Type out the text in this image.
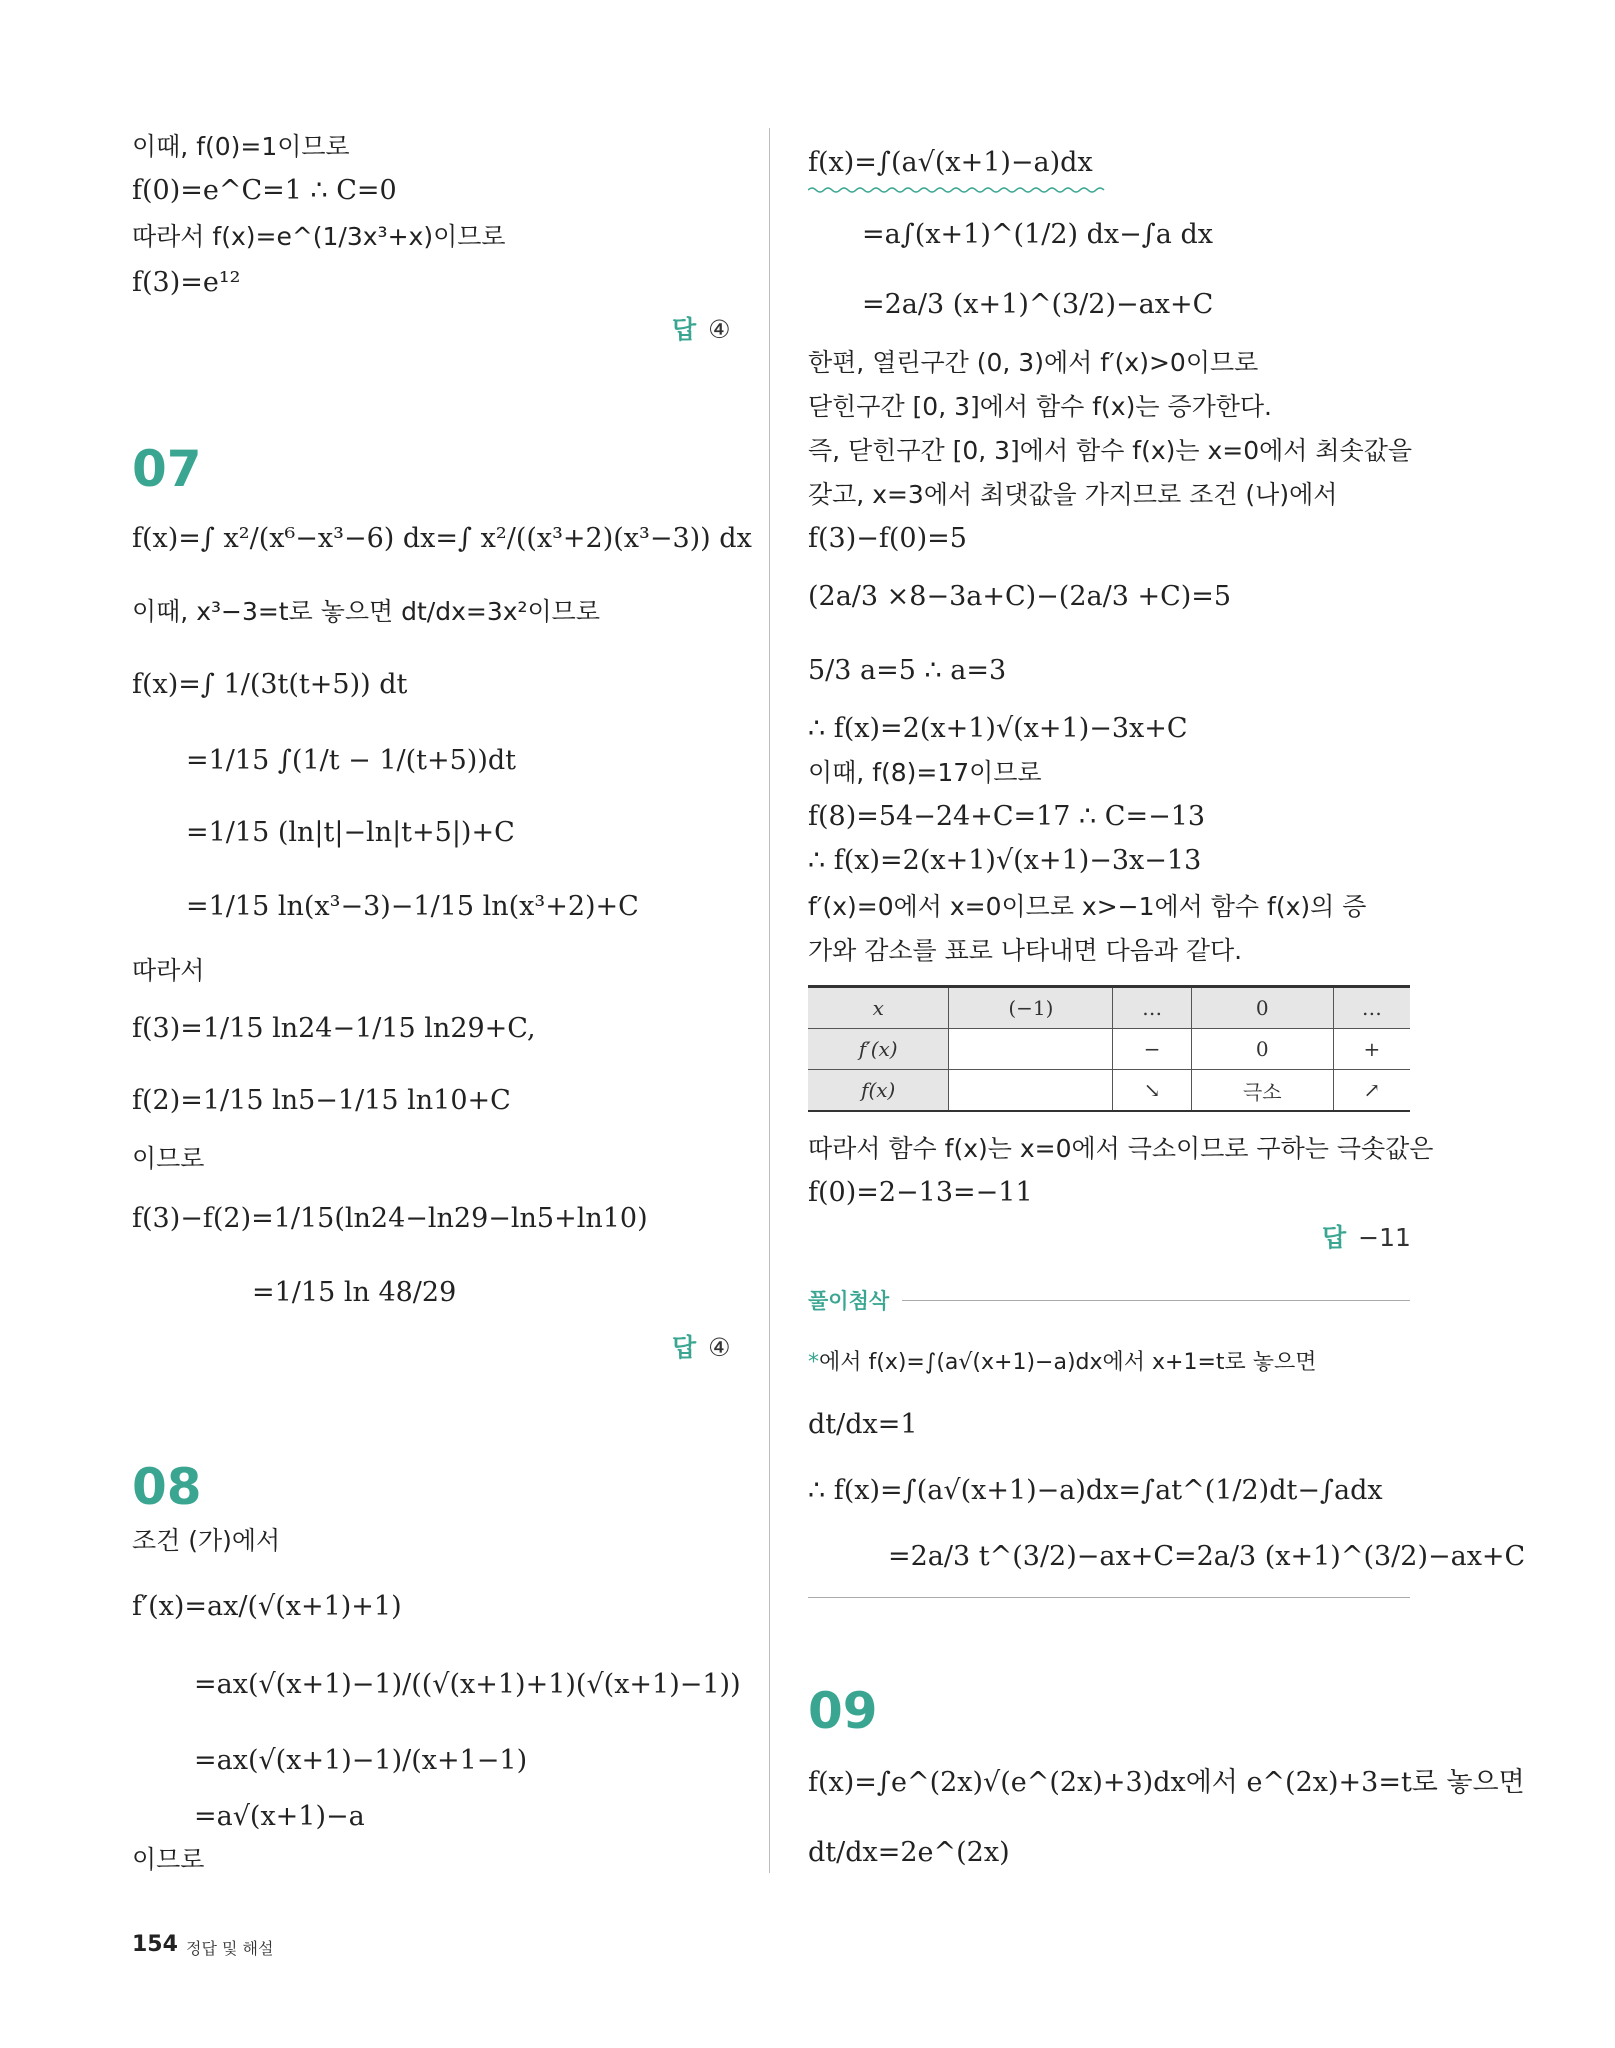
이때, f(0)=1이므로
f(0)=e^C=1 ∴ C=0
따라서 f(x)=e^(1/3x³+x)이므로
f(3)=e¹²
답 ④
07
f(x)=∫ x²/(x⁶−x³−6) dx=∫ x²/((x³+2)(x³−3)) dx
이때, x³−3=t로 놓으면 dt/dx=3x²이므로
f(x)=∫ 1/(3t(t+5)) dt
=1/15 ∫(1/t − 1/(t+5))dt
=1/15 (ln|t|−ln|t+5|)+C
=1/15 ln(x³−3)−1/15 ln(x³+2)+C
따라서
f(3)=1/15 ln24−1/15 ln29+C,
f(2)=1/15 ln5−1/15 ln10+C
이므로
f(3)−f(2)=1/15(ln24−ln29−ln5+ln10)
=1/15 ln 48/29
답 ④
08
조건 (가)에서
f′(x)=ax/(√(x+1)+1)
=ax(√(x+1)−1)/((√(x+1)+1)(√(x+1)−1))
=ax(√(x+1)−1)/(x+1−1)
=a√(x+1)−a
이므로
f(x)=∫(a√(x+1)−a)dx
=a∫(x+1)^(1/2) dx−∫a dx
=2a/3 (x+1)^(3/2)−ax+C
한편, 열린구간 (0, 3)에서 f′(x)>0이므로
닫힌구간 [0, 3]에서 함수 f(x)는 증가한다.
즉, 닫힌구간 [0, 3]에서 함수 f(x)는 x=0에서 최솟값을
갖고, x=3에서 최댓값을 가지므로 조건 (나)에서
f(3)−f(0)=5
(2a/3 ×8−3a+C)−(2a/3 +C)=5
5/3 a=5 ∴ a=3
∴ f(x)=2(x+1)√(x+1)−3x+C
이때, f(8)=17이므로
f(8)=54−24+C=17 ∴ C=−13
∴ f(x)=2(x+1)√(x+1)−3x−13
f′(x)=0에서 x=0이므로 x>−1에서 함수 f(x)의 증
가와 감소를 표로 나타내면 다음과 같다.
x	(−1)	…	0	…
f′(x)		−	0	+
f(x)		↘	극소	↗
따라서 함수 f(x)는 x=0에서 극소이므로 구하는 극솟값은
f(0)=2−13=−11
답 −11
풀이첨삭
*에서 f(x)=∫(a√(x+1)−a)dx에서 x+1=t로 놓으면
dt/dx=1
∴ f(x)=∫(a√(x+1)−a)dx=∫at^(1/2)dt−∫adx
=2a/3 t^(3/2)−ax+C=2a/3 (x+1)^(3/2)−ax+C
09
f(x)=∫e^(2x)√(e^(2x)+3)dx에서 e^(2x)+3=t로 놓으면
dt/dx=2e^(2x)
154 정답 및 해설
